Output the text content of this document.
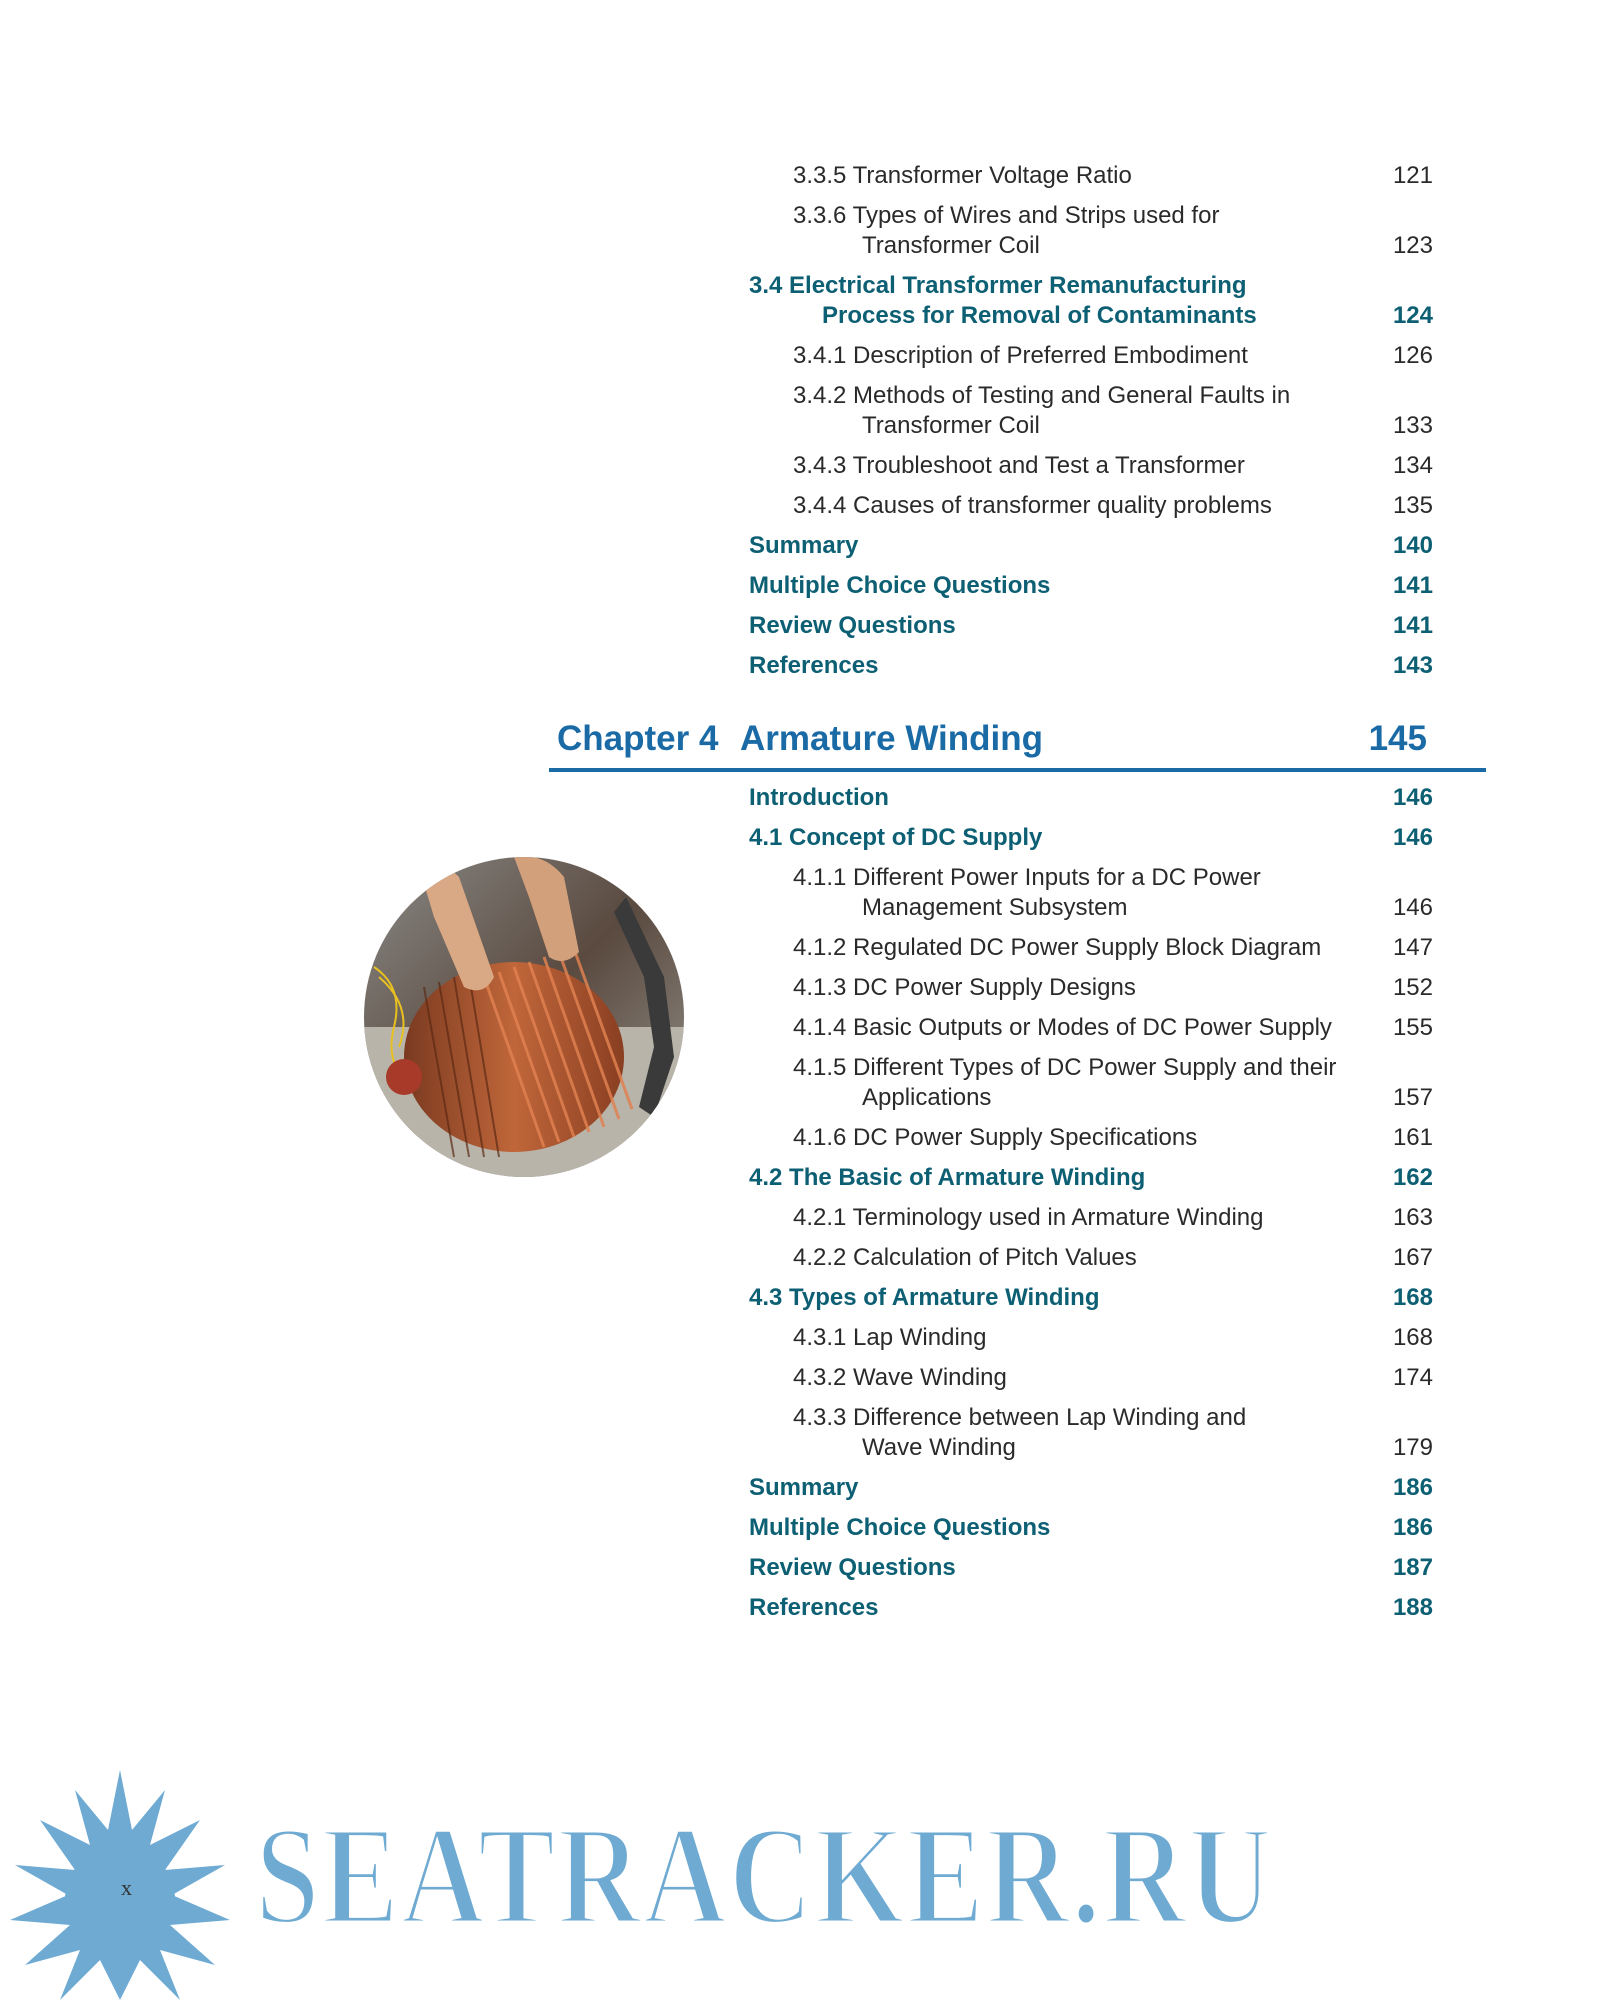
3.3.5 Transformer Voltage Ratio	121
3.3.6 Types of Wires and Strips used for
Transformer Coil	123
3.4 Electrical Transformer Remanufacturing
Process for Removal of Contaminants	124
3.4.1 Description of Preferred Embodiment	126
3.4.2 Methods of Testing and General Faults in
Transformer Coil	133
3.4.3 Troubleshoot and Test a Transformer	134
3.4.4 Causes of transformer quality problems	135
Summary	140
Multiple Choice Questions	141
Review Questions	141
References	143
Chapter 4 Armature Winding	145
Introduction	146
4.1 Concept of DC Supply	146
4.1.1 Different Power Inputs for a DC Power
Management Subsystem	146
4.1.2 Regulated DC Power Supply Block Diagram	147
4.1.3 DC Power Supply Designs	152
4.1.4 Basic Outputs or Modes of DC Power Supply	155
4.1.5 Different Types of DC Power Supply and their
Applications	157
4.1.6 DC Power Supply Specifications	161
4.2 The Basic of Armature Winding	162
4.2.1 Terminology used in Armature Winding	163
4.2.2 Calculation of Pitch Values	167
4.3 Types of Armature Winding	168
4.3.1 Lap Winding	168
4.3.2 Wave Winding	174
4.3.3 Difference between Lap Winding and
Wave Winding	179
Summary	186
Multiple Choice Questions	186
Review Questions	187
References	188
SEATRACKER.RU
x
